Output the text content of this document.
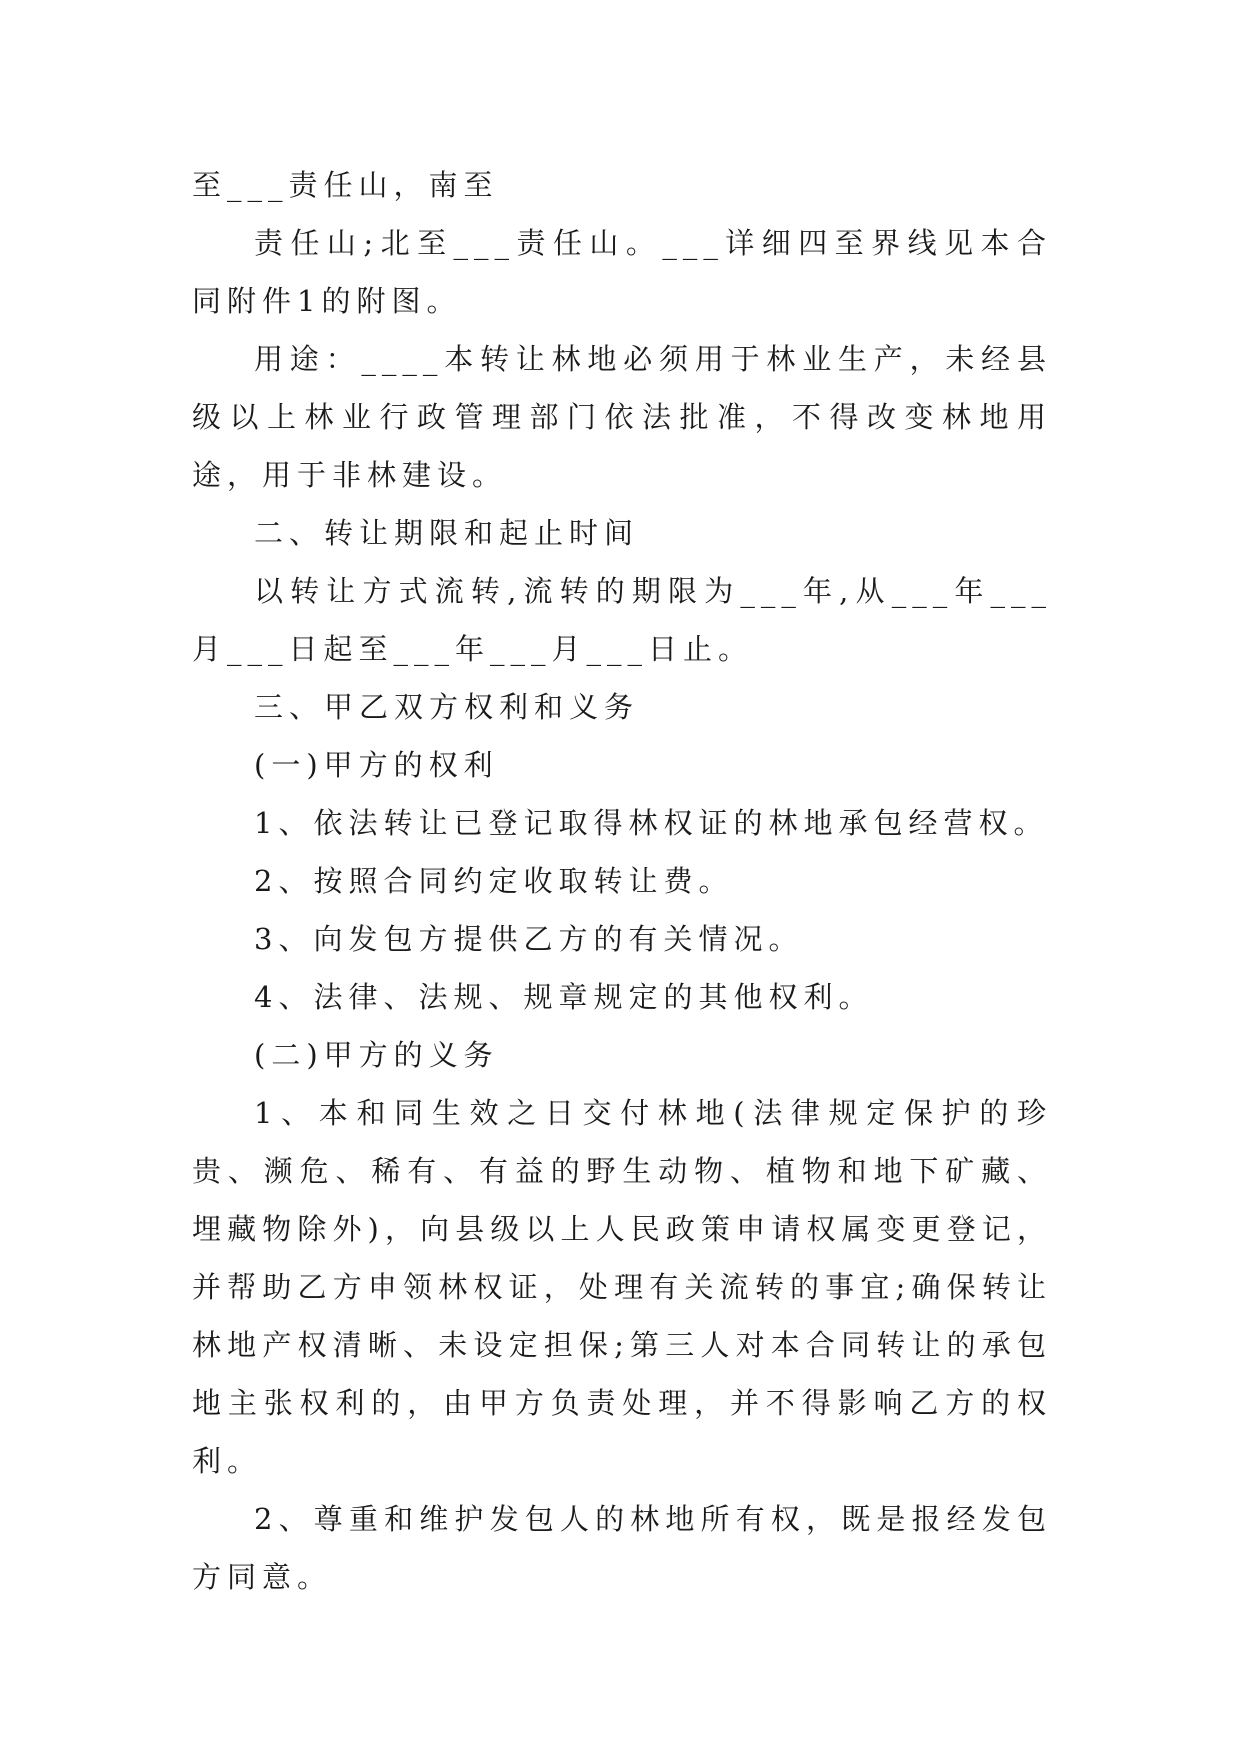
至___责任山，南至

责任山;北至___责任山。___详细四至界线见本合同附件1的附图。

用途：____本转让林地必须用于林业生产，未经县级以上林业行政管理部门依法批准，不得改变林地用途，用于非林建设。

二、转让期限和起止时间

以转让方式流转,流转的期限为___年,从___年___月___日起至___年___月___日止。

三、甲乙双方权利和义务

(一)甲方的权利

1、依法转让已登记取得林权证的林地承包经营权。

2、按照合同约定收取转让费。

3、向发包方提供乙方的有关情况。

4、法律、法规、规章规定的其他权利。

(二)甲方的义务

1、本和同生效之日交付林地(法律规定保护的珍贵、濒危、稀有、有益的野生动物、植物和地下矿藏、埋藏物除外)，向县级以上人民政策申请权属变更登记，并帮助乙方申领林权证，处理有关流转的事宜;确保转让林地产权清晰、未设定担保;第三人对本合同转让的承包地主张权利的，由甲方负责处理，并不得影响乙方的权利。

2、尊重和维护发包人的林地所有权，既是报经发包方同意。
